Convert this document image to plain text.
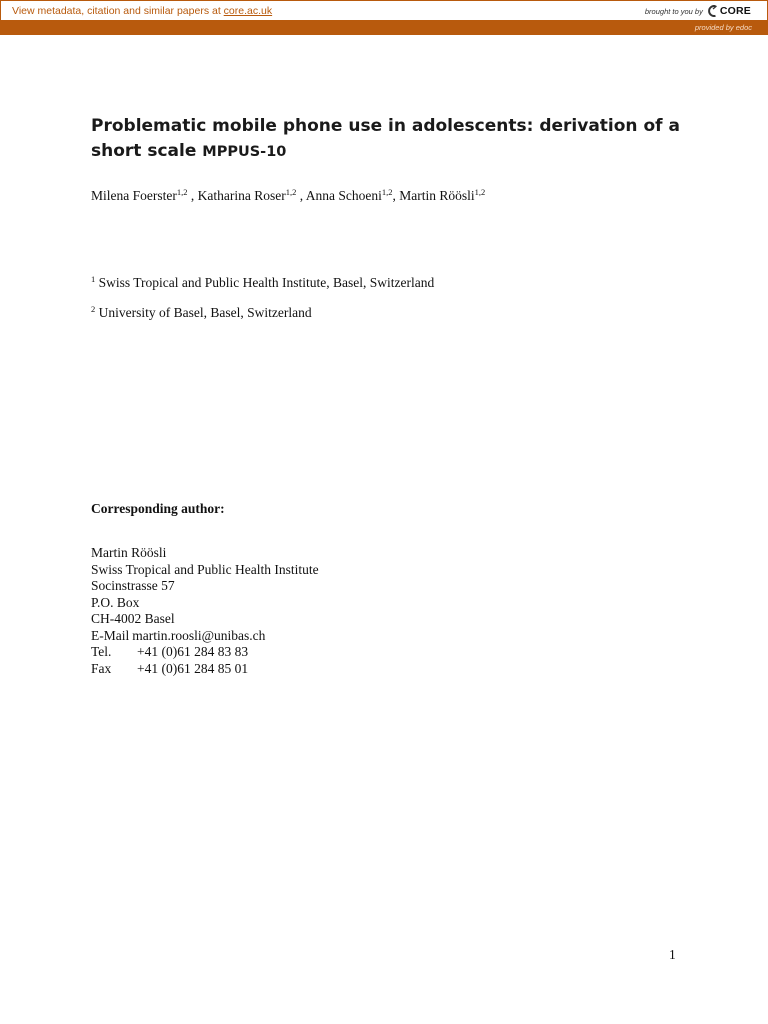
View metadata, citation and similar papers at core.ac.uk	brought to you by CORE
provided by edoc
Problematic mobile phone use in adolescents: derivation of a short scale MPPUS-10
Milena Foerster$^{1,2}$ , Katharina Roser$^{1,2}$ , Anna Schoeni$^{1,2}$, Martin Röösli$^{1,2}$
$^1$ Swiss Tropical and Public Health Institute, Basel, Switzerland
$^2$ University of Basel, Basel, Switzerland
Corresponding author:
Martin Röösli
Swiss Tropical and Public Health Institute
Socinstrasse 57
P.O. Box
CH-4002 Basel
E-Mail martin.roosli@unibas.ch
Tel. +41 (0)61 284 83 83
Fax +41 (0)61 284 85 01
1
